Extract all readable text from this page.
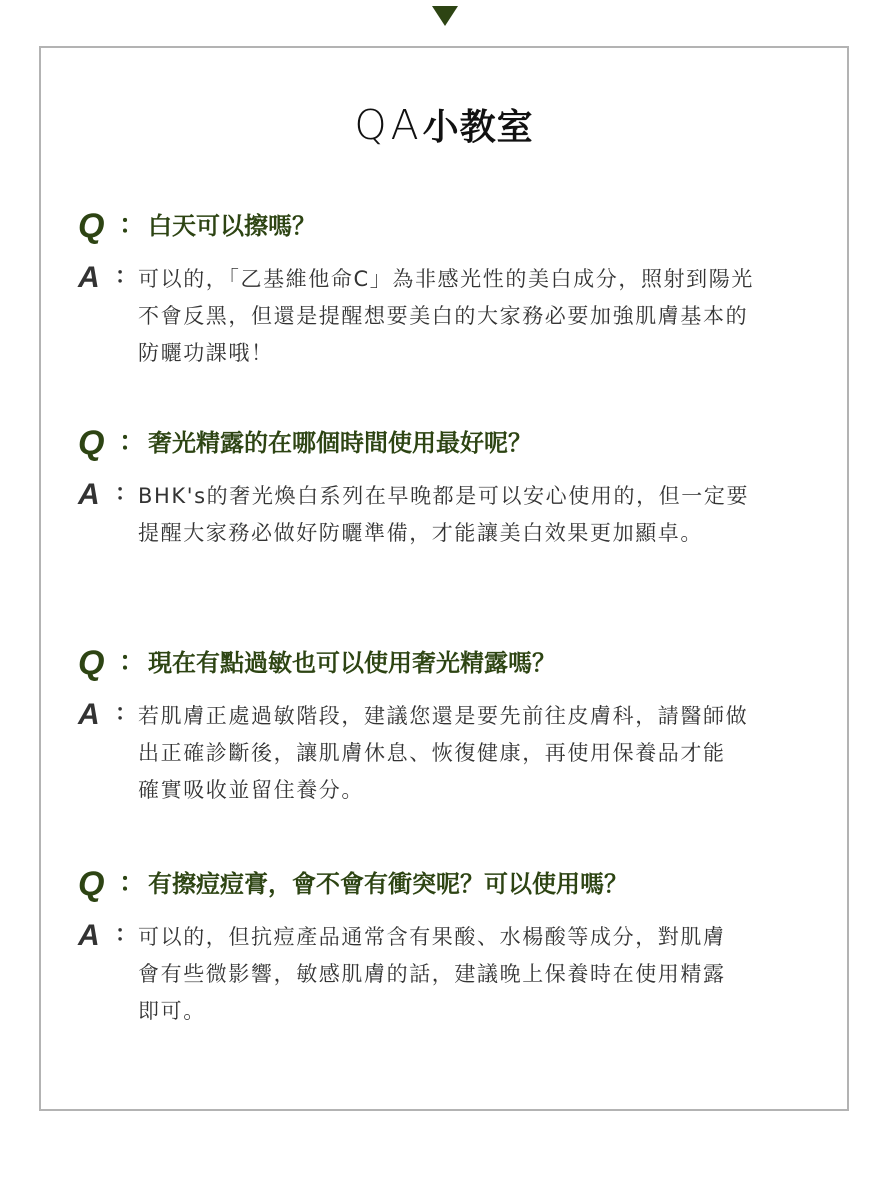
QA小教室
Q ： 白天可以擦嗎？
A ： 可以的，「乙基維他命C」為非感光性的美白成分，照射到陽光
不會反黑，但還是提醒想要美白的大家務必要加強肌膚基本的
防曬功課哦！
Q ： 奢光精露的在哪個時間使用最好呢？
A ： BHK's的奢光煥白系列在早晚都是可以安心使用的，但一定要
提醒大家務必做好防曬準備，才能讓美白效果更加顯卓。
Q ： 現在有點過敏也可以使用奢光精露嗎？
A ： 若肌膚正處過敏階段，建議您還是要先前往皮膚科，請醫師做
出正確診斷後，讓肌膚休息、恢復健康，再使用保養品才能
確實吸收並留住養分。
Q ： 有擦痘痘膏，會不會有衝突呢？可以使用嗎？
A ： 可以的，但抗痘產品通常含有果酸、水楊酸等成分，對肌膚
會有些微影響，敏感肌膚的話，建議晚上保養時在使用精露
即可。
